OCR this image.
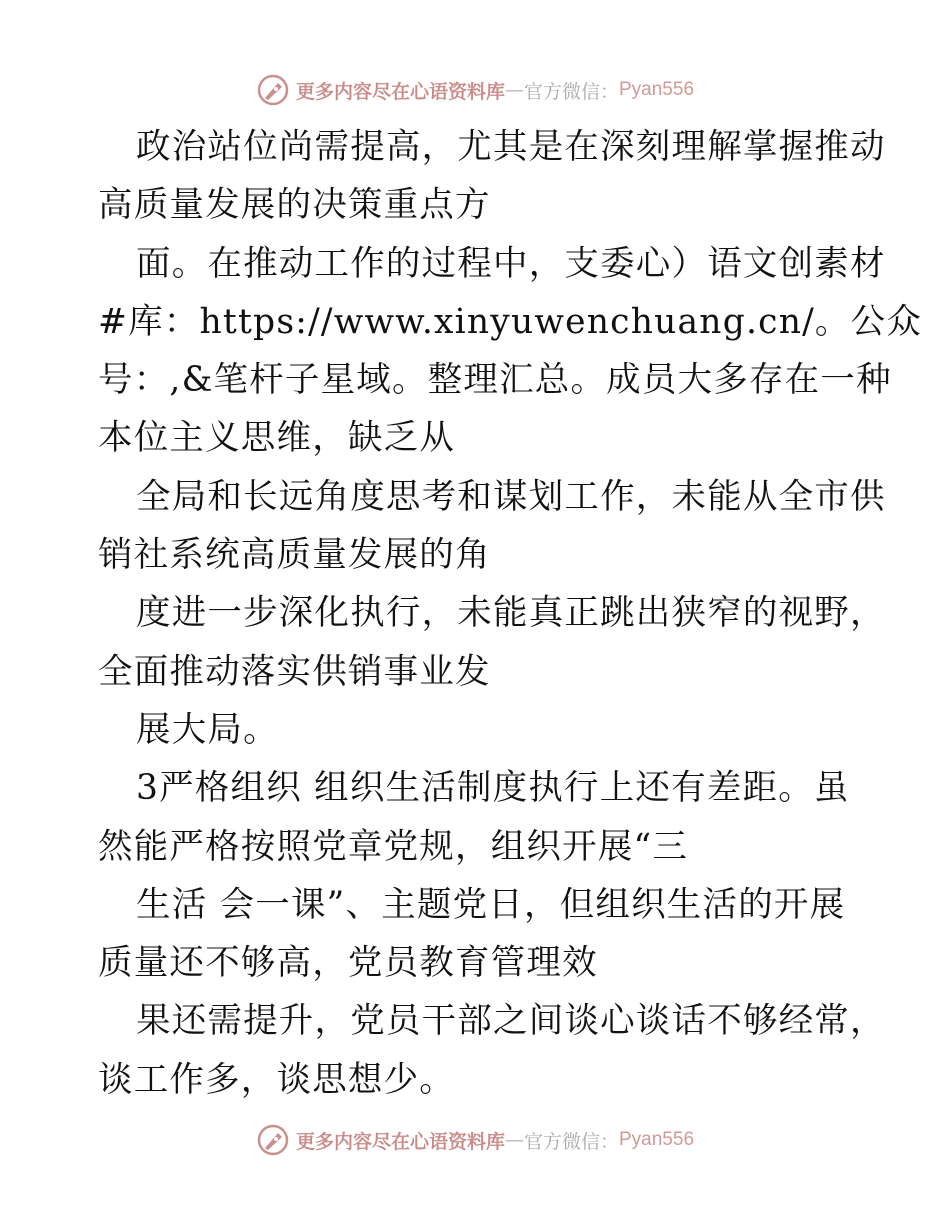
更多内容尽在心语资料库 — 官方微信： Pyan556
政治站位尚需提高，尤其是在深刻理解掌握推动
高质量发展的决策重点方
面。在推动工作的过程中，支委心）语文创素材
#库：https://www.xinyuwenchuang.cn/。公众
号：,&笔杆子星域。整理汇总。成员大多存在一种
本位主义思维，缺乏从
全局和长远角度思考和谋划工作，未能从全市供
销社系统高质量发展的角
度进一步深化执行，未能真正跳出狭窄的视野，
全面推动落实供销事业发
展大局。
3严格组织 组织生活制度执行上还有差距。虽
然能严格按照党章党规，组织开展“三
生活 会一课”、主题党日，但组织生活的开展
质量还不够高，党员教育管理效
果还需提升，党员干部之间谈心谈话不够经常，
谈工作多，谈思想少。
更多内容尽在心语资料库 — 官方微信： Pyan556
